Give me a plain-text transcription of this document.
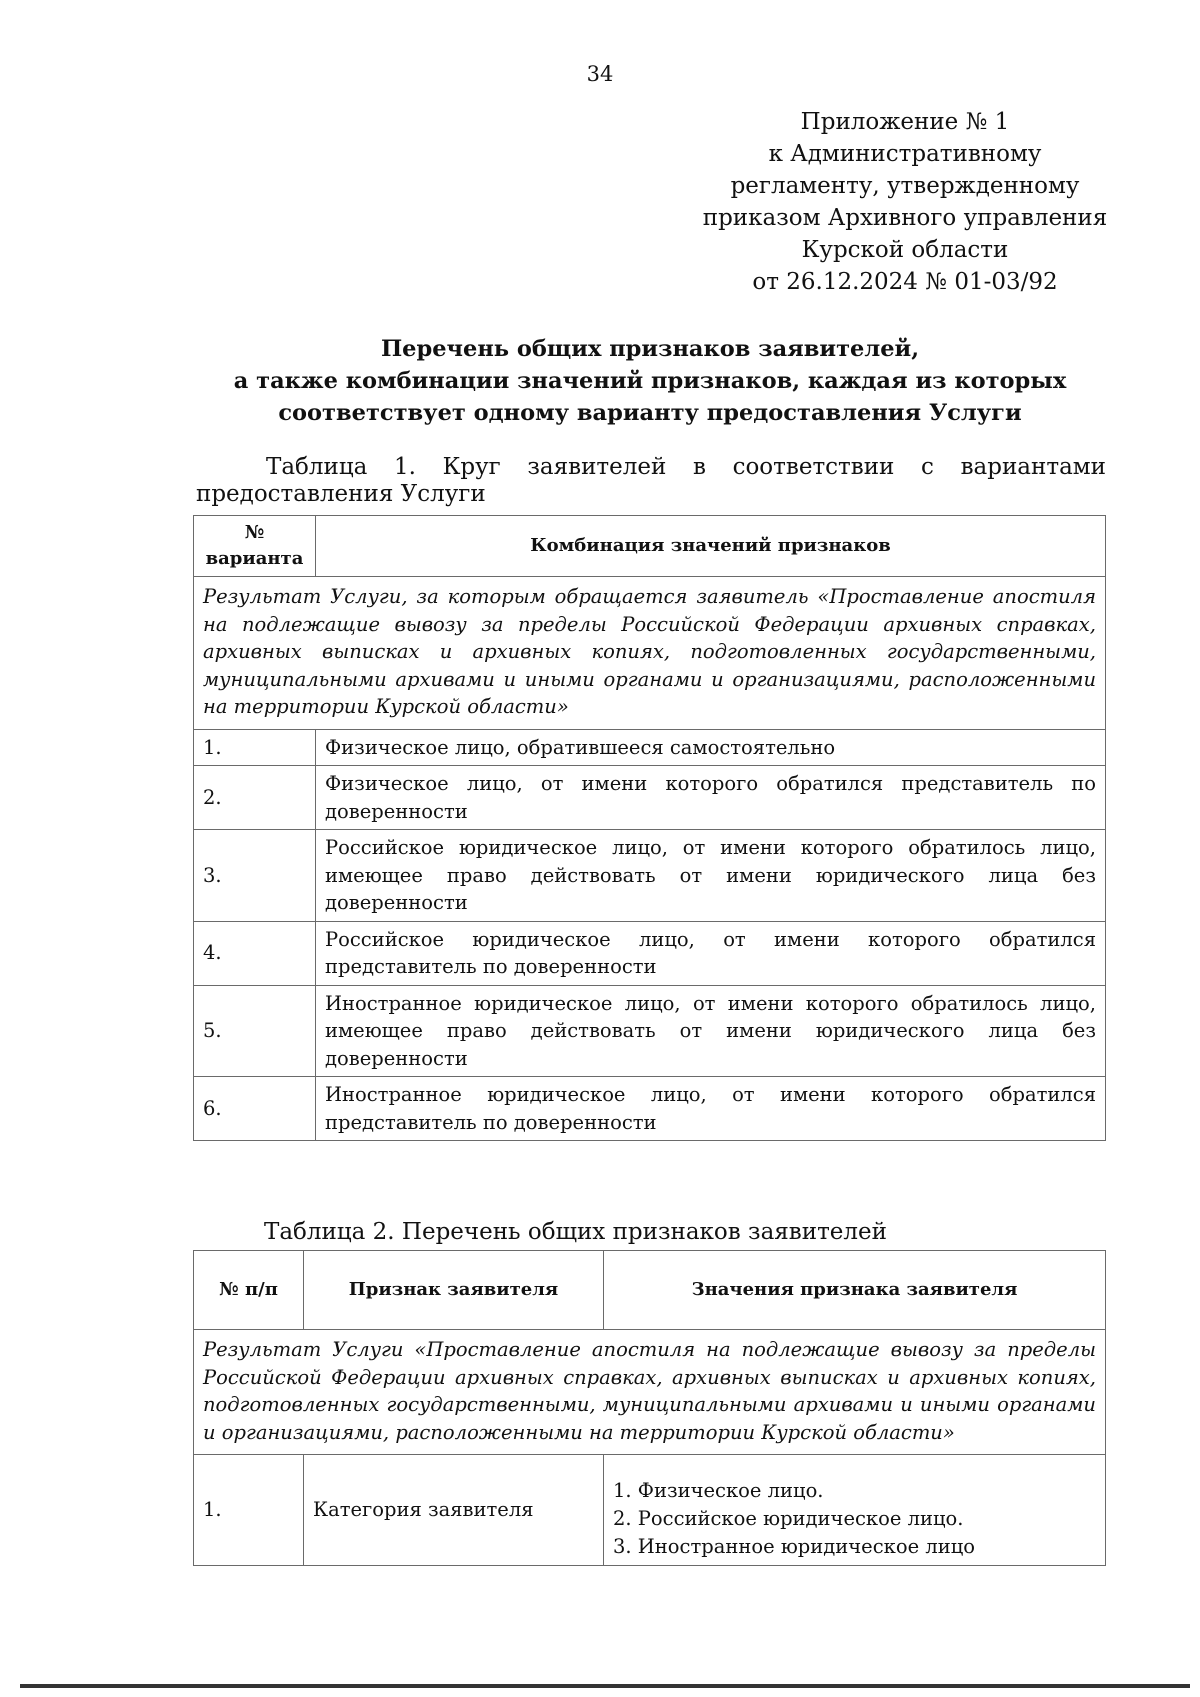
34
Приложение № 1
к Административному
регламенту, утвержденному
приказом Архивного управления
Курской области
от 26.12.2024 № 01-03/92
Перечень общих признаков заявителей,
а также комбинации значений признаков, каждая из которых
соответствует одному варианту предоставления Услуги
Таблица 1. Круг заявителей в соответствии с вариантами предоставления Услуги
№ варианта	Комбинация значений признаков
Результат Услуги, за которым обращается заявитель «Проставление апостиля на подлежащие вывозу за пределы Российской Федерации архивных справках, архивных выписках и архивных копиях, подготовленных государственными, муниципальными архивами и иными органами и организациями, расположенными на территории Курской области»	
1.	Физическое лицо, обратившееся самостоятельно
2.	Физическое лицо, от имени которого обратился представитель по доверенности
3.	Российское юридическое лицо, от имени которого обратилось лицо, имеющее право действовать от имени юридического лица без доверенности
4.	Российское юридическое лицо, от имени которого обратился представитель по доверенности
5.	Иностранное юридическое лицо, от имени которого обратилось лицо, имеющее право действовать от имени юридического лица без доверенности
6.	Иностранное юридическое лицо, от имени которого обратился представитель по доверенности
Таблица 2. Перечень общих признаков заявителей
№ п/п	Признак заявителя	Значения признака заявителя
Результат Услуги «Проставление апостиля на подлежащие вывозу за пределы Российской Федерации архивных справках, архивных выписках и архивных копиях, подготовленных государственными, муниципальными архивами и иными органами и организациями, расположенными на территории Курской области»		
1.	Категория заявителя	1. Физическое лицо.
2. Российское юридическое лицо.
3. Иностранное юридическое лицо
